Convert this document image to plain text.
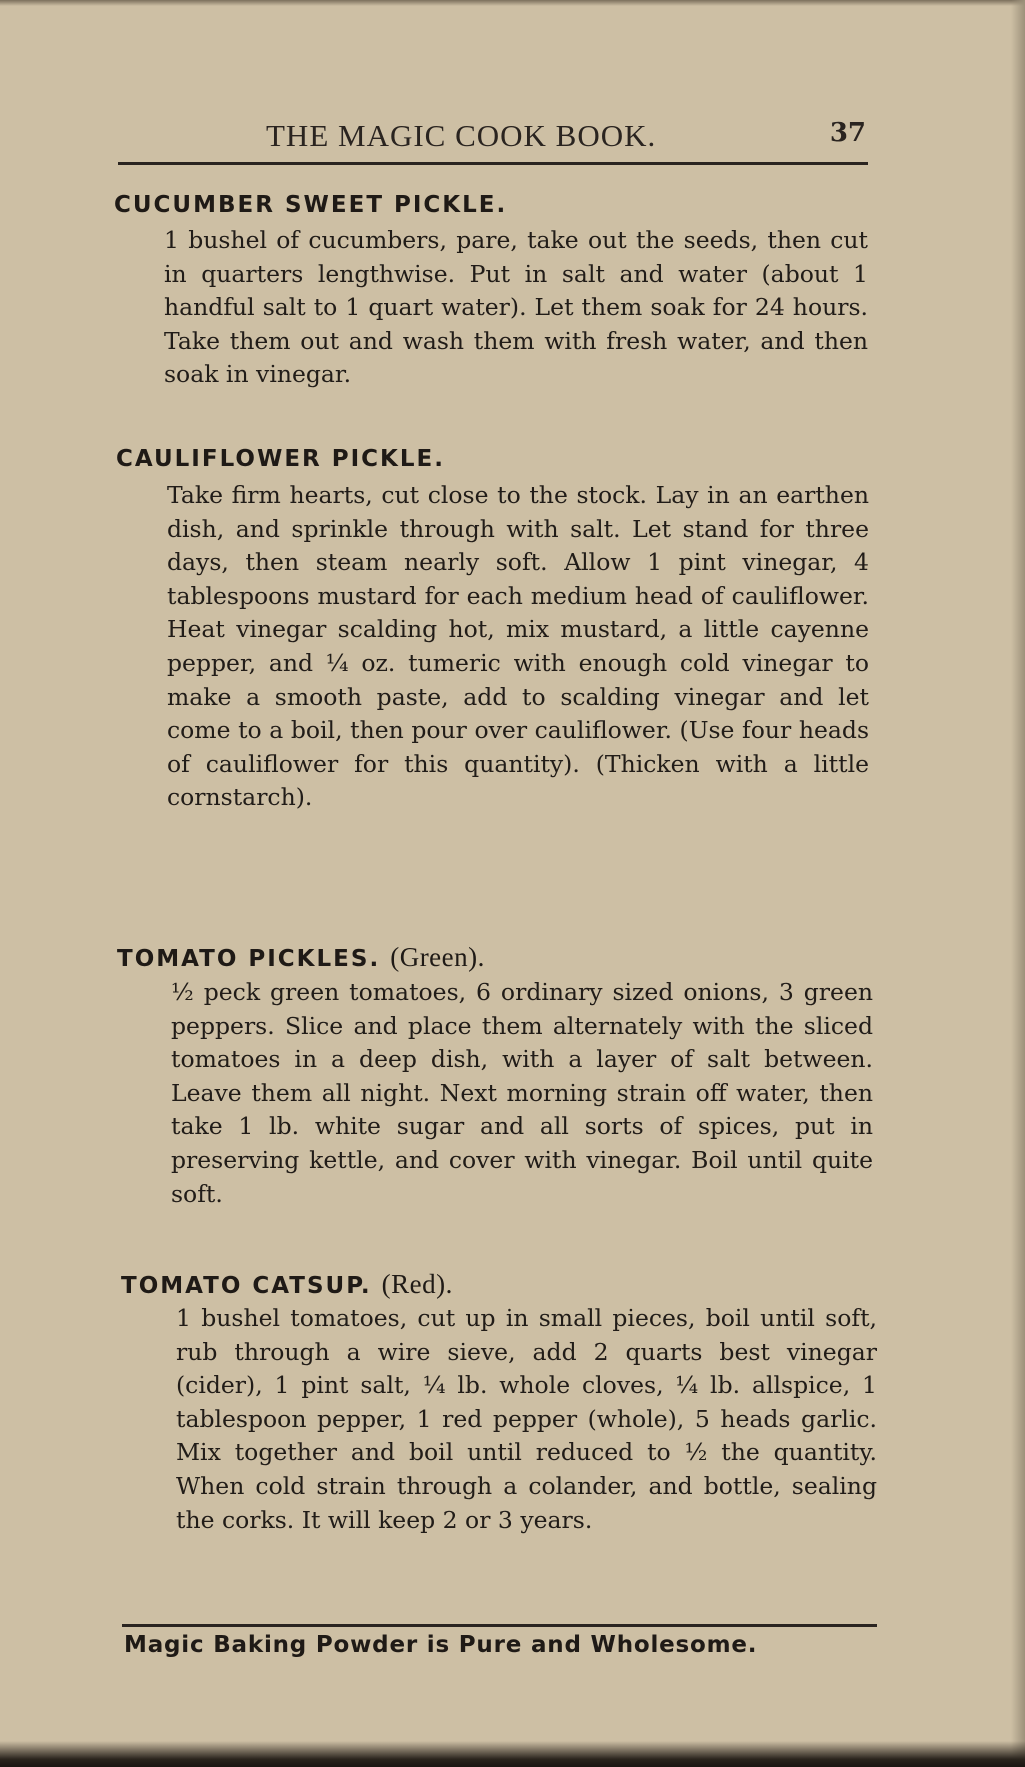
THE MAGIC COOK BOOK.	37
CUCUMBER SWEET PICKLE.
1 bushel of cucumbers, pare, take out the seeds, then cut in quarters lengthwise. Put in salt and water (about 1 handful salt to 1 quart water). Let them soak for 24 hours. Take them out and wash them with fresh water, and then soak in vinegar.
CAULIFLOWER PICKLE.
Take firm hearts, cut close to the stock. Lay in an earthen dish, and sprinkle through with salt. Let stand for three days, then steam nearly soft. Allow 1 pint vinegar, 4 tablespoons mustard for each medium head of cauliflower. Heat vinegar scalding hot, mix mustard, a little cayenne pepper, and ¼ oz. tumeric with enough cold vinegar to make a smooth paste, add to scalding vinegar and let come to a boil, then pour over cauliflower. (Use four heads of cauliflower for this quantity). (Thicken with a little cornstarch).
TOMATO PICKLES. (Green).
½ peck green tomatoes, 6 ordinary sized onions, 3 green peppers. Slice and place them alternately with the sliced tomatoes in a deep dish, with a layer of salt between. Leave them all night. Next morning strain off water, then take 1 lb. white sugar and all sorts of spices, put in preserving kettle, and cover with vinegar. Boil until quite soft.
TOMATO CATSUP. (Red).
1 bushel tomatoes, cut up in small pieces, boil until soft, rub through a wire sieve, add 2 quarts best vinegar (cider), 1 pint salt, ¼ lb. whole cloves, ¼ lb. allspice, 1 tablespoon pepper, 1 red pepper (whole), 5 heads garlic. Mix together and boil until reduced to ½ the quantity. When cold strain through a colander, and bottle, sealing the corks. It will keep 2 or 3 years.
Magic Baking Powder is Pure and Wholesome.
